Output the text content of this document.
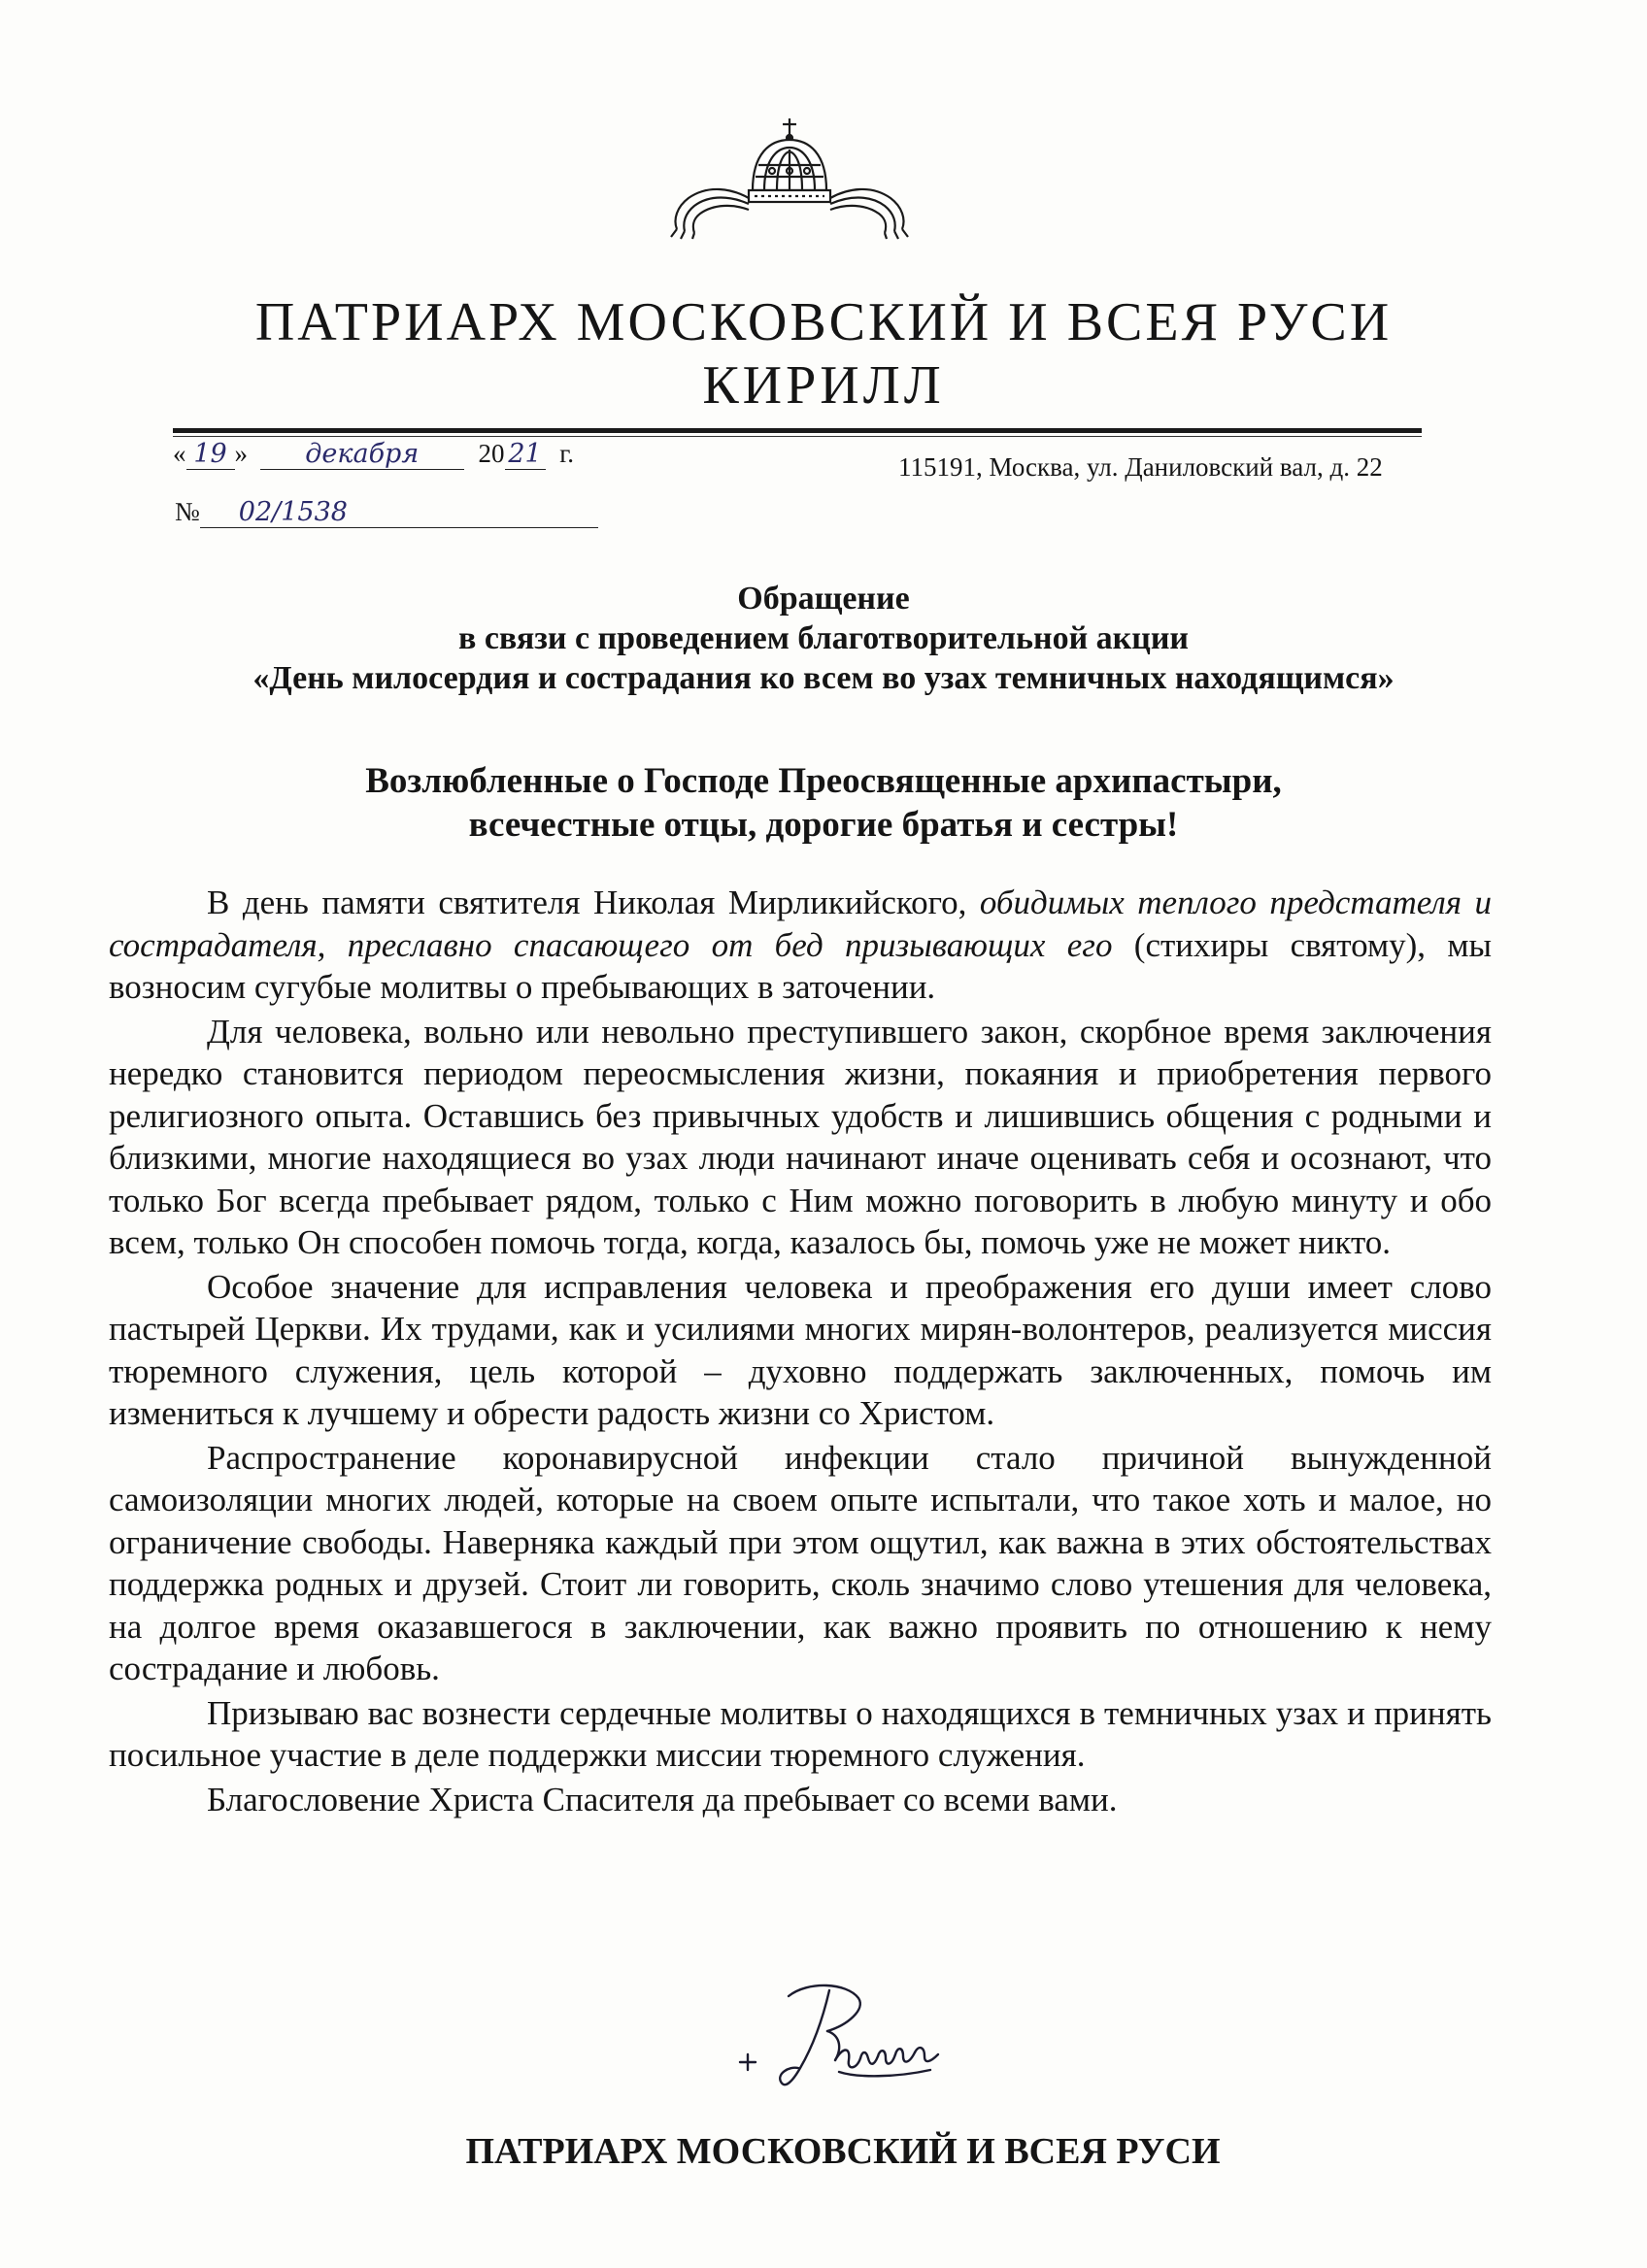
ПАТРИАРХ МОСКОВСКИЙ И ВСЕЯ РУСИ
КИРИЛЛ
« 19 » декабря 20 21 г.	115191, Москва, ул. Даниловский вал, д. 22
№ 02/1538
Обращение
в связи с проведением благотворительной акции
«День милосердия и сострадания ко всем во узах темничных находящимся»
Возлюбленные о Господе Преосвященные архипастыри,
всечестные отцы, дорогие братья и сестры!

В день памяти святителя Николая Мирликийского, обидимых теплого предстателя и сострадателя, преславно спасающего от бед призывающих его (стихиры святому), мы возносим сугубые молитвы о пребывающих в заточении.

Для человека, вольно или невольно преступившего закон, скорбное время заключения нередко становится периодом переосмысления жизни, покаяния и приобретения первого религиозного опыта. Оставшись без привычных удобств и лишившись общения с родными и близкими, многие находящиеся во узах люди начинают иначе оценивать себя и осознают, что только Бог всегда пребывает рядом, только с Ним можно поговорить в любую минуту и обо всем, только Он способен помочь тогда, когда, казалось бы, помочь уже не может никто.

Особое значение для исправления человека и преображения его души имеет слово пастырей Церкви. Их трудами, как и усилиями многих мирян-волонтеров, реализуется миссия тюремного служения, цель которой – духовно поддержать заключенных, помочь им измениться к лучшему и обрести радость жизни со Христом.

Распространение коронавирусной инфекции стало причиной вынужденной самоизоляции многих людей, которые на своем опыте испытали, что такое хоть и малое, но ограничение свободы. Наверняка каждый при этом ощутил, как важна в этих обстоятельствах поддержка родных и друзей. Стоит ли говорить, сколь значимо слово утешения для человека, на долгое время оказавшегося в заключении, как важно проявить по отношению к нему сострадание и любовь.

Призываю вас вознести сердечные молитвы о находящихся в темничных узах и принять посильное участие в деле поддержки миссии тюремного служения.

Благословение Христа Спасителя да пребывает со всеми вами.

ПАТРИАРХ МОСКОВСКИЙ И ВСЕЯ РУСИ
